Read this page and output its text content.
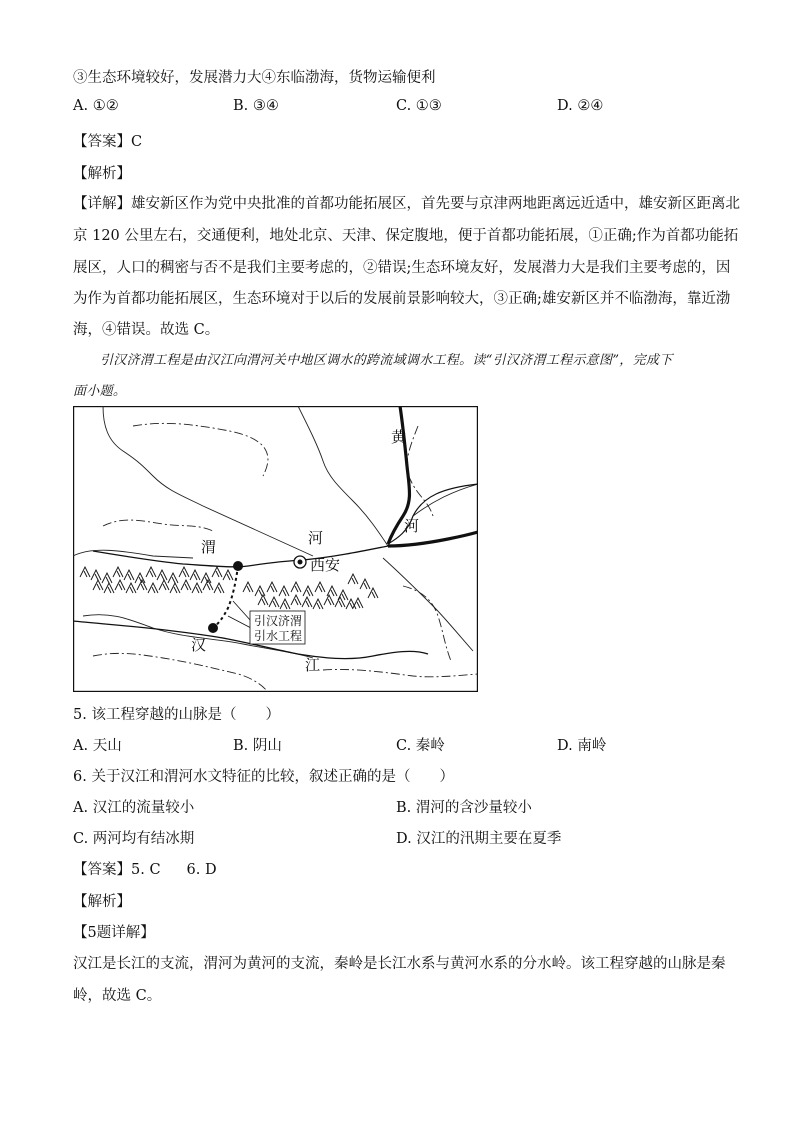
③生态环境较好，发展潜力大④东临渤海，货物运输便利
A. ①②	B. ③④	C. ①③	D. ②④
【答案】C
【解析】
【详解】雄安新区作为党中央批准的首都功能拓展区，首先要与京津两地距离远近适中，雄安新区距离北
京 120 公里左右，交通便利，地处北京、天津、保定腹地，便于首都功能拓展，①正确;作为首都功能拓
展区，人口的稠密与否不是我们主要考虑的，②错误;生态环境友好，发展潜力大是我们主要考虑的，因
为作为首都功能拓展区，生态环境对于以后的发展前景影响较大，③正确;雄安新区并不临渤海，靠近渤
海，④错误。故选 C。
引汉济渭工程是由汉江向渭河关中地区调水的跨流域调水工程。读“引汉济渭工程示意图”，完成下
面小题。
引汉济渭
引水工程
黄
河
渭	河
西安
汉
江
5. 该工程穿越的山脉是（　　）
A. 天山	B. 阴山	C. 秦岭	D. 南岭
6. 关于汉江和渭河水文特征的比较，叙述正确的是（　　）
A. 汉江的流量较小	B. 渭河的含沙量较小
C. 两河均有结冰期	D. 汉江的汛期主要在夏季
【答案】5. C 6. D
【解析】
【5题详解】
汉江是长江的支流，渭河为黄河的支流，秦岭是长江水系与黄河水系的分水岭。该工程穿越的山脉是秦
岭，故选 C。
